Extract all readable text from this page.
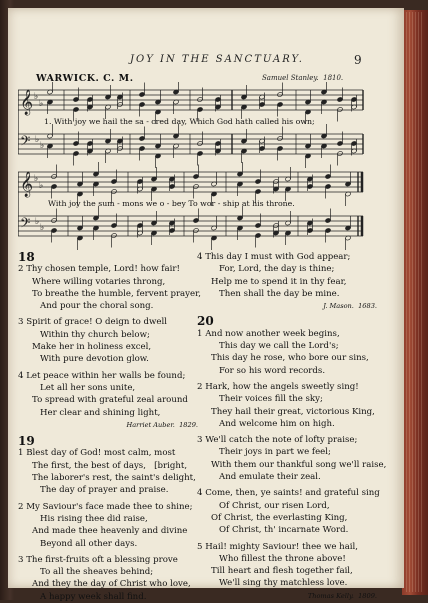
JOY IN THE SANCTUARY.	9
WARWICK. C. M.	Samuel Stanley. 1810.
𝄞
𝄢
𝄞
𝄢
♭
♭
♭
♭
♭
♭
♭
♭
1. With joy we hail the sa - cred day, Which God hath called his own;
With joy the sum - mons we o - bey To wor - ship at his throne.
18
2 Thy chosen temple, Lord! how fair!
Where willing votaries throng,
To breathe the humble, fervent prayer,
And pour the choral song.
3 Spirit of grace! O deign to dwell
Within thy church below;
Make her in holiness excel,
With pure devotion glow.
4 Let peace within her walls be found;
Let all her sons unite,
To spread with grateful zeal around
Her clear and shining light,
Harriet Auber. 1829.
19
1 Blest day of God! most calm, most
The first, the best of days, [bright,
The laborer's rest, the saint's delight,
The day of prayer and praise.
2 My Saviour's face made thee to shine;
His rising thee did raise,
And made thee heavenly and divine
Beyond all other days.
3 The first-fruits oft a blessing prove
To all the sheaves behind;
And they the day of Christ who love,
A happy week shall find.
4 This day I must with God appear;
For, Lord, the day is thine;
Help me to spend it in thy fear,
Then shall the day be mine.
J. Mason. 1683.
20
1 And now another week begins,
This day we call the Lord's;
This day he rose, who bore our sins,
For so his word records.
2 Hark, how the angels sweetly sing!
Their voices fill the sky;
They hail their great, victorious King,
And welcome him on high.
3 We'll catch the note of lofty praise;
Their joys in part we feel;
With them our thankful song we'll raise,
And emulate their zeal.
4 Come, then, ye saints! and grateful sing
Of Christ, our risen Lord,
Of Christ, the everlasting King,
Of Christ, th' incarnate Word.
5 Hail! mighty Saviour! thee we hail,
Who fillest the throne above!
Till heart and flesh together fail,
We'll sing thy matchless love.
Thomas Kelly. 1809.
